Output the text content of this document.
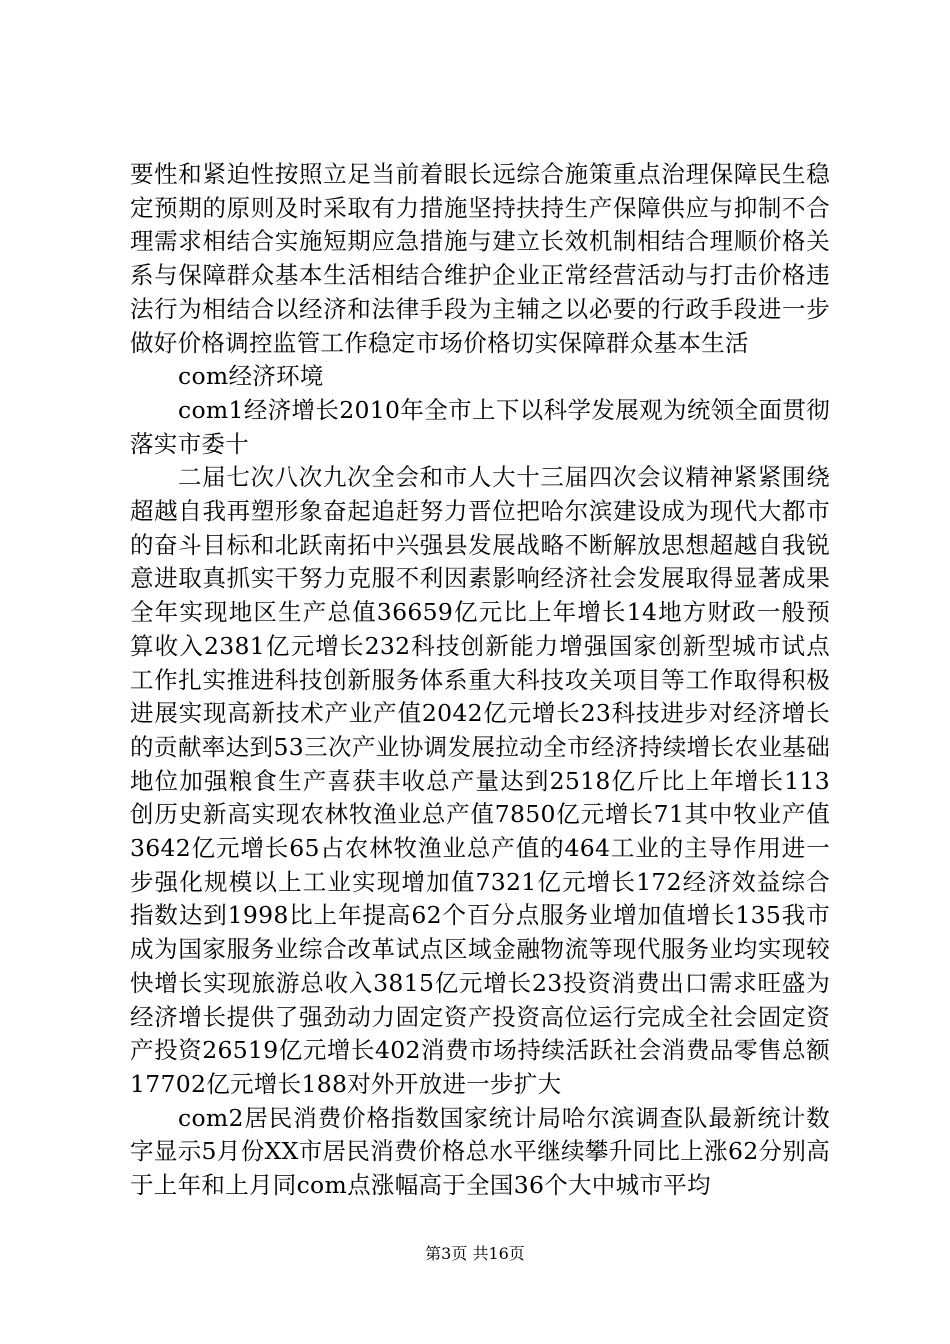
要性和紧迫性按照立足当前着眼长远综合施策重点治理保障民生稳定预期的原则及时采取有力措施坚持扶持生产保障供应与抑制不合理需求相结合实施短期应急措施与建立长效机制相结合理顺价格关系与保障群众基本生活相结合维护企业正常经营活动与打击价格违法行为相结合以经济和法律手段为主辅之以必要的行政手段进一步做好价格调控监管工作稳定市场价格切实保障群众基本生活

com经济环境

com1经济增长2010年全市上下以科学发展观为统领全面贯彻落实市委十

二届七次八次九次全会和市人大十三届四次会议精神紧紧围绕超越自我再塑形象奋起追赶努力晋位把哈尔滨建设成为现代大都市的奋斗目标和北跃南拓中兴强县发展战略不断解放思想超越自我锐意进取真抓实干努力克服不利因素影响经济社会发展取得显著成果全年实现地区生产总值36659亿元比上年增长14地方财政一般预算收入2381亿元增长232科技创新能力增强国家创新型城市试点工作扎实推进科技创新服务体系重大科技攻关项目等工作取得积极进展实现高新技术产业产值2042亿元增长23科技进步对经济增长的贡献率达到53三次产业协调发展拉动全市经济持续增长农业基础地位加强粮食生产喜获丰收总产量达到2518亿斤比上年增长113创历史新高实现农林牧渔业总产值7850亿元增长71其中牧业产值3642亿元增长65占农林牧渔业总产值的464工业的主导作用进一步强化规模以上工业实现增加值7321亿元增长172经济效益综合指数达到1998比上年提高62个百分点服务业增加值增长135我市成为国家服务业综合改革试点区域金融物流等现代服务业均实现较快增长实现旅游总收入3815亿元增长23投资消费出口需求旺盛为经济增长提供了强劲动力固定资产投资高位运行完成全社会固定资产投资26519亿元增长402消费市场持续活跃社会消费品零售总额17702亿元增长188对外开放进一步扩大

com2居民消费价格指数国家统计局哈尔滨调查队最新统计数字显示5月份XX市居民消费价格总水平继续攀升同比上涨62分别高于上年和上月同com点涨幅高于全国36个大中城市平均

第3页 共16页
